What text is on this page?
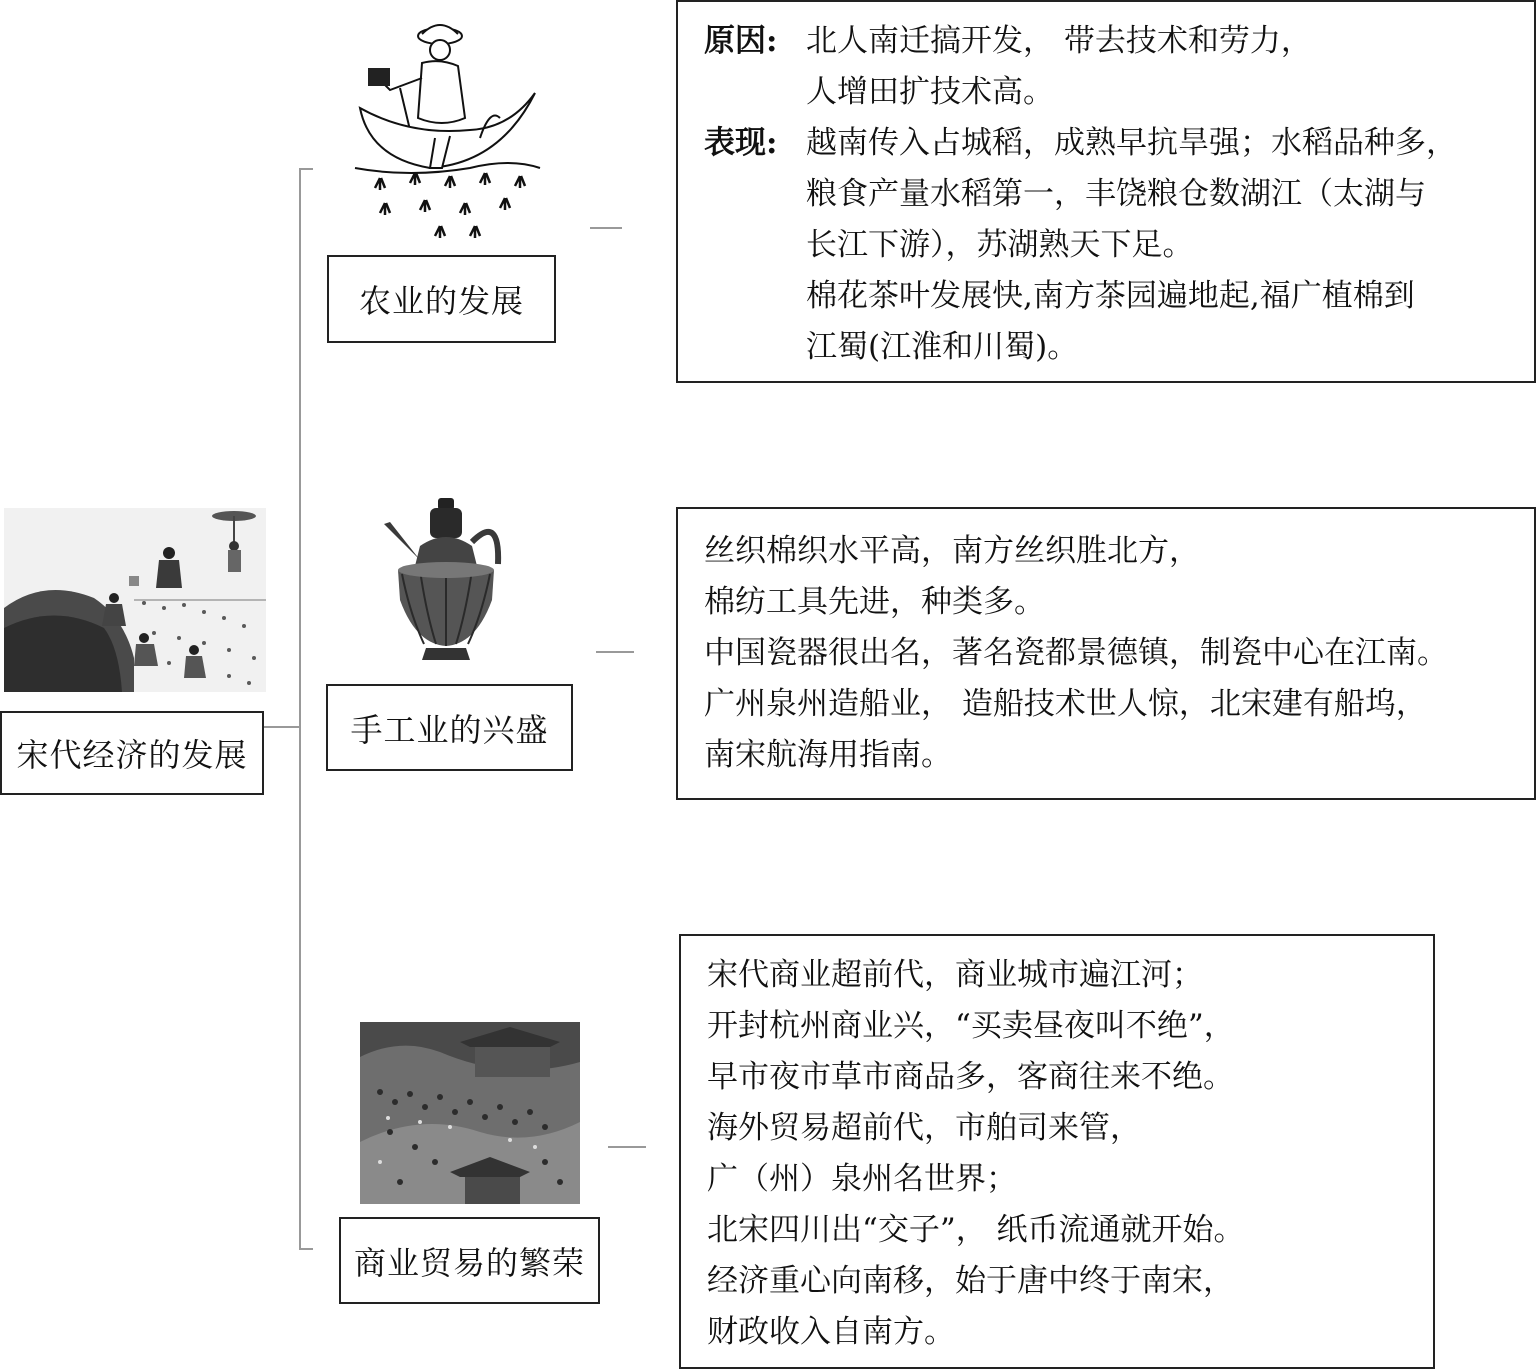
宋代经济的发展
农业的发展
原因: 北人南迁搞开发， 带去技术和劳力，
人增田扩技术高。
表现: 越南传入占城稻，成熟早抗旱强；水稻品种多，
粮食产量水稻第一，丰饶粮仓数湖江（太湖与
长江下游），苏湖熟天下足。
棉花茶叶发展快,南方茶园遍地起,福广植棉到
江蜀(江淮和川蜀)。
手工业的兴盛
丝织棉织水平高，南方丝织胜北方，
棉纺工具先进，种类多。
中国瓷器很出名，著名瓷都景德镇，制瓷中心在江南。
广州泉州造船业， 造船技术世人惊，北宋建有船坞，
南宋航海用指南。
商业贸易的繁荣
宋代商业超前代，商业城市遍江河；
开封杭州商业兴，“买卖昼夜叫不绝”，
早市夜市草市商品多，客商往来不绝。
海外贸易超前代，市舶司来管，
广（州）泉州名世界；
北宋四川出“交子”， 纸币流通就开始。
经济重心向南移，始于唐中终于南宋，
财政收入自南方。
